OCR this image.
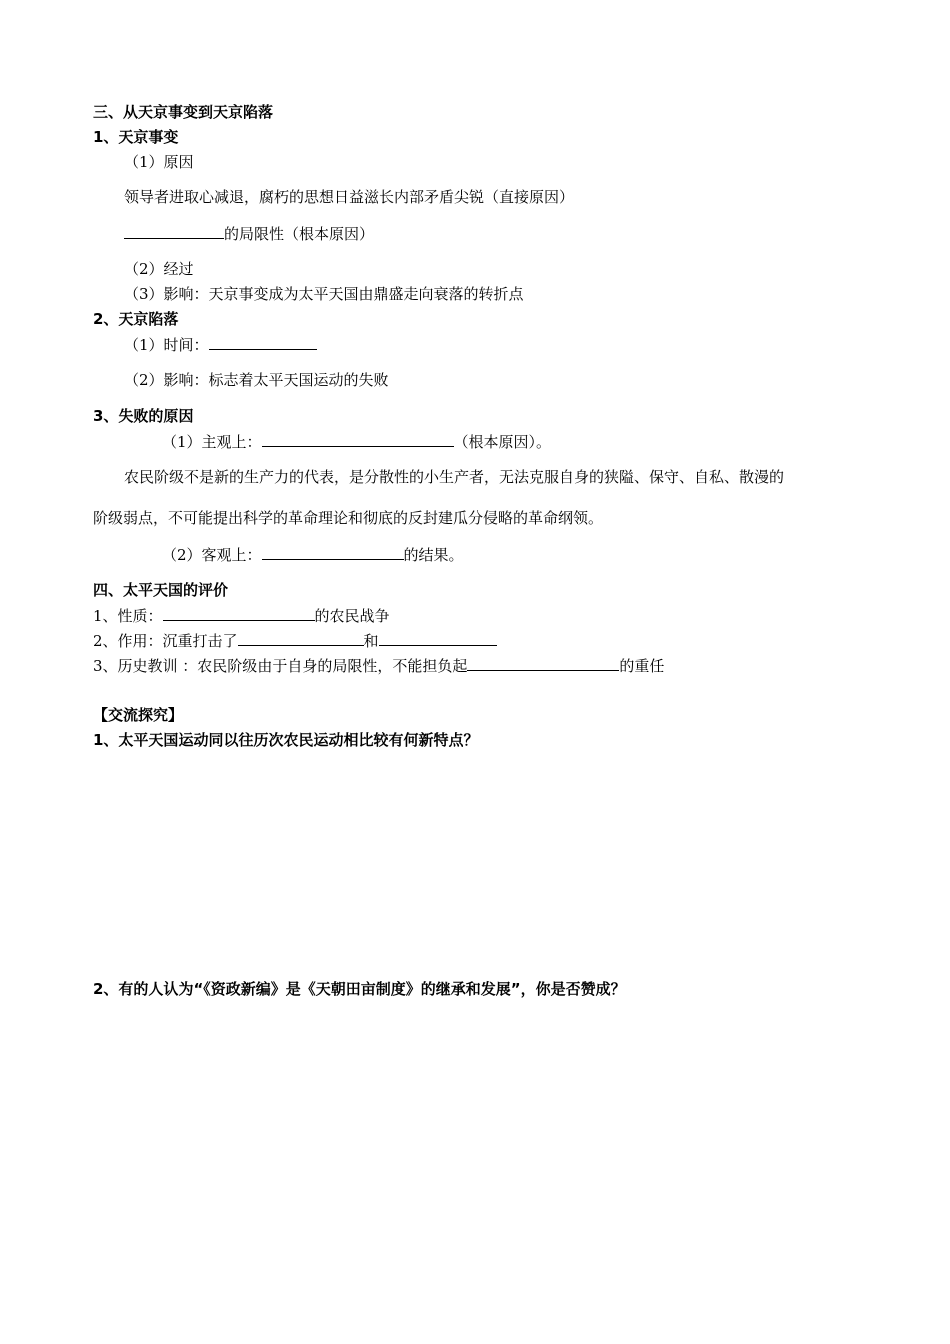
三、从天京事变到天京陷落
1、天京事变
（1）原因
领导者进取心减退，腐朽的思想日益滋长内部矛盾尖锐（直接原因）
的局限性（根本原因）
（2）经过
（3）影响：天京事变成为太平天国由鼎盛走向衰落的转折点
2、天京陷落
（1）时间：
（2）影响：标志着太平天国运动的失败
3、失败的原因
（1）主观上：	（根本原因）。
农民阶级不是新的生产力的代表，是分散性的小生产者，无法克服自身的狭隘、保守、自私、散漫的
阶级弱点，不可能提出科学的革命理论和彻底的反封建瓜分侵略的革命纲领。
（2）客观上：	的结果。
四、太平天国的评价
1、性质：	的农民战争
2、作用：沉重打击了	和
3、历史教训 ：农民阶级由于自身的局限性，不能担负起	的重任
【交流探究】
1、太平天国运动同以往历次农民运动相比较有何新特点？
2、有的人认为“《资政新编》是《天朝田亩制度》的继承和发展”，你是否赞成？
